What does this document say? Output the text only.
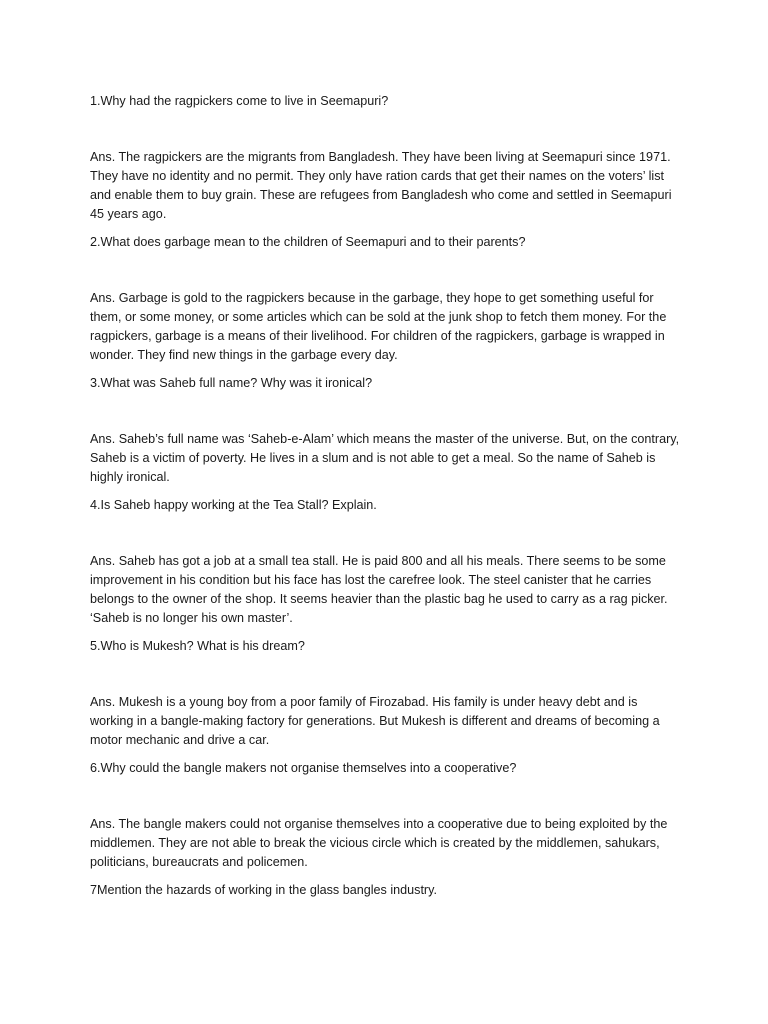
1.Why had the ragpickers come to live in Seemapuri?

Ans. The ragpickers are the migrants from Bangladesh. They have been living at Seemapuri since 1971. They have no identity and no permit. They only have ration cards that get their names on the voters’ list and enable them to buy grain. These are refugees from Bangladesh who come and settled in Seemapuri 45 years ago.

2.What does garbage mean to the children of Seemapuri and to their parents?

Ans. Garbage is gold to the ragpickers because in the garbage, they hope to get something useful for them, or some money, or some articles which can be sold at the junk shop to fetch them money. For the ragpickers, garbage is a means of their livelihood. For children of the ragpickers, garbage is wrapped in wonder. They find new things in the garbage every day.

3.What was Saheb full name? Why was it ironical?

Ans. Saheb’s full name was ‘Saheb-e-Alam’ which means the master of the universe. But, on the contrary, Saheb is a victim of poverty. He lives in a slum and is not able to get a meal. So the name of Saheb is highly ironical.

4.Is Saheb happy working at the Tea Stall? Explain.

Ans. Saheb has got a job at a small tea stall. He is paid 800 and all his meals. There seems to be some improvement in his condition but his face has lost the carefree look. The steel canister that he carries belongs to the owner of the shop. It seems heavier than the plastic bag he used to carry as a rag picker. ‘Saheb is no longer his own master’.

5.Who is Mukesh? What is his dream?

Ans. Mukesh is a young boy from a poor family of Firozabad. His family is under heavy debt and is working in a bangle-making factory for generations. But Mukesh is different and dreams of becoming a motor mechanic and drive a car.

6.Why could the bangle makers not organise themselves into a cooperative?

Ans. The bangle makers could not organise themselves into a cooperative due to being exploited by the middlemen. They are not able to break the vicious circle which is created by the middlemen, sahukars, politicians, bureaucrats and policemen.

7Mention the hazards of working in the glass bangles industry.
